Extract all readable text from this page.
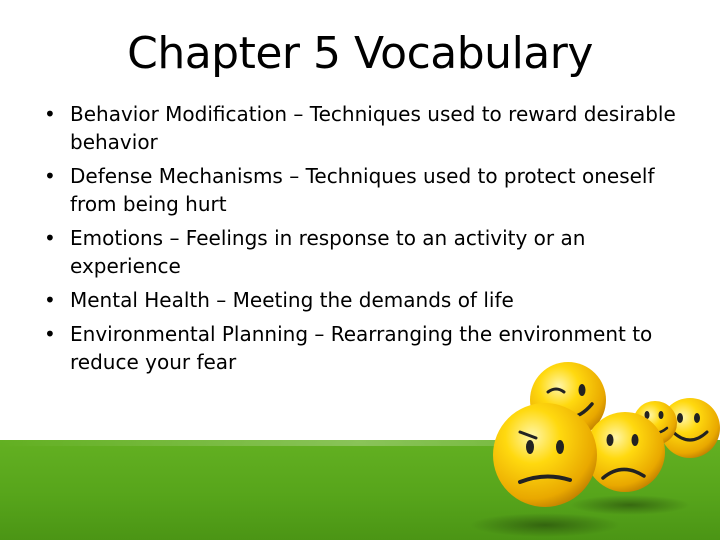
Chapter 5 Vocabulary
• Behavior Modification – Techniques used to reward desirable behavior
• Defense Mechanisms – Techniques used to protect oneself from being hurt
• Emotions – Feelings in response to an activity or an experience
• Mental Health – Meeting the demands of life
• Environmental Planning – Rearranging the environment to reduce your fear
